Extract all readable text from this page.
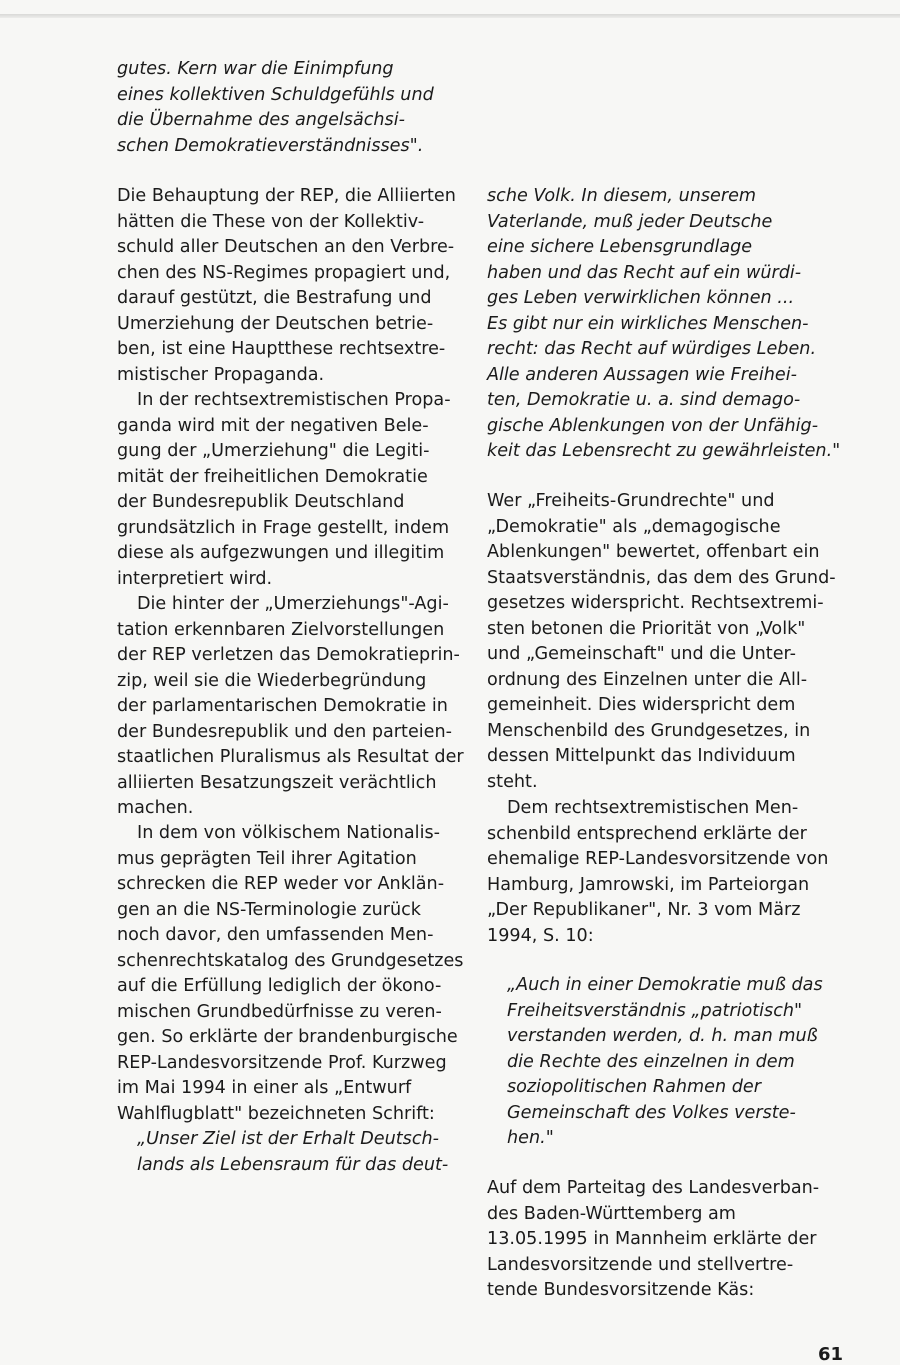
gutes. Kern war die Einimpfung
eines kollektiven Schuldgefühls und
die Übernahme des angelsächsi-
schen Demokratieverständnisses".
Die Behauptung der REP, die Alliierten
hätten die These von der Kollektiv-
schuld aller Deutschen an den Verbre-
chen des NS-Regimes propagiert und,
darauf gestützt, die Bestrafung und
Umerziehung der Deutschen betrie-
ben, ist eine Hauptthese rechtsextre-
mistischer Propaganda.
In der rechtsextremistischen Propa-
ganda wird mit der negativen Bele-
gung der „Umerziehung" die Legiti-
mität der freiheitlichen Demokratie
der Bundesrepublik Deutschland
grundsätzlich in Frage gestellt, indem
diese als aufgezwungen und illegitim
interpretiert wird.
Die hinter der „Umerziehungs"-Agi-
tation erkennbaren Zielvorstellungen
der REP verletzen das Demokratieprin-
zip, weil sie die Wiederbegründung
der parlamentarischen Demokratie in
der Bundesrepublik und den parteien-
staatlichen Pluralismus als Resultat der
alliierten Besatzungszeit verächtlich
machen.
In dem von völkischem Nationalis-
mus geprägten Teil ihrer Agitation
schrecken die REP weder vor Anklän-
gen an die NS-Terminologie zurück
noch davor, den umfassenden Men-
schenrechtskatalog des Grundgesetzes
auf die Erfüllung lediglich der ökono-
mischen Grundbedürfnisse zu veren-
gen. So erklärte der brandenburgische
REP-Landesvorsitzende Prof. Kurzweg
im Mai 1994 in einer als „Entwurf
Wahlflugblatt" bezeichneten Schrift:
„Unser Ziel ist der Erhalt Deutsch-
lands als Lebensraum für das deut-
sche Volk. In diesem, unserem
Vaterlande, muß jeder Deutsche
eine sichere Lebensgrundlage
haben und das Recht auf ein würdi-
ges Leben verwirklichen können ...
Es gibt nur ein wirkliches Menschen-
recht: das Recht auf würdiges Leben.
Alle anderen Aussagen wie Freihei-
ten, Demokratie u. a. sind demago-
gische Ablenkungen von der Unfähig-
keit das Lebensrecht zu gewährleisten."
Wer „Freiheits-Grundrechte" und
„Demokratie" als „demagogische
Ablenkungen" bewertet, offenbart ein
Staatsverständnis, das dem des Grund-
gesetzes widerspricht. Rechtsextremi-
sten betonen die Priorität von „Volk"
und „Gemeinschaft" und die Unter-
ordnung des Einzelnen unter die All-
gemeinheit. Dies widerspricht dem
Menschenbild des Grundgesetzes, in
dessen Mittelpunkt das Individuum
steht.
Dem rechtsextremistischen Men-
schenbild entsprechend erklärte der
ehemalige REP-Landesvorsitzende von
Hamburg, Jamrowski, im Parteiorgan
„Der Republikaner", Nr. 3 vom März
1994, S. 10:
„Auch in einer Demokratie muß das
Freiheitsverständnis „patriotisch"
verstanden werden, d. h. man muß
die Rechte des einzelnen in dem
soziopolitischen Rahmen der
Gemeinschaft des Volkes verste-
hen."
Auf dem Parteitag des Landesverban-
des Baden-Württemberg am
13.05.1995 in Mannheim erklärte der
Landesvorsitzende und stellvertre-
tende Bundesvorsitzende Käs:
61
